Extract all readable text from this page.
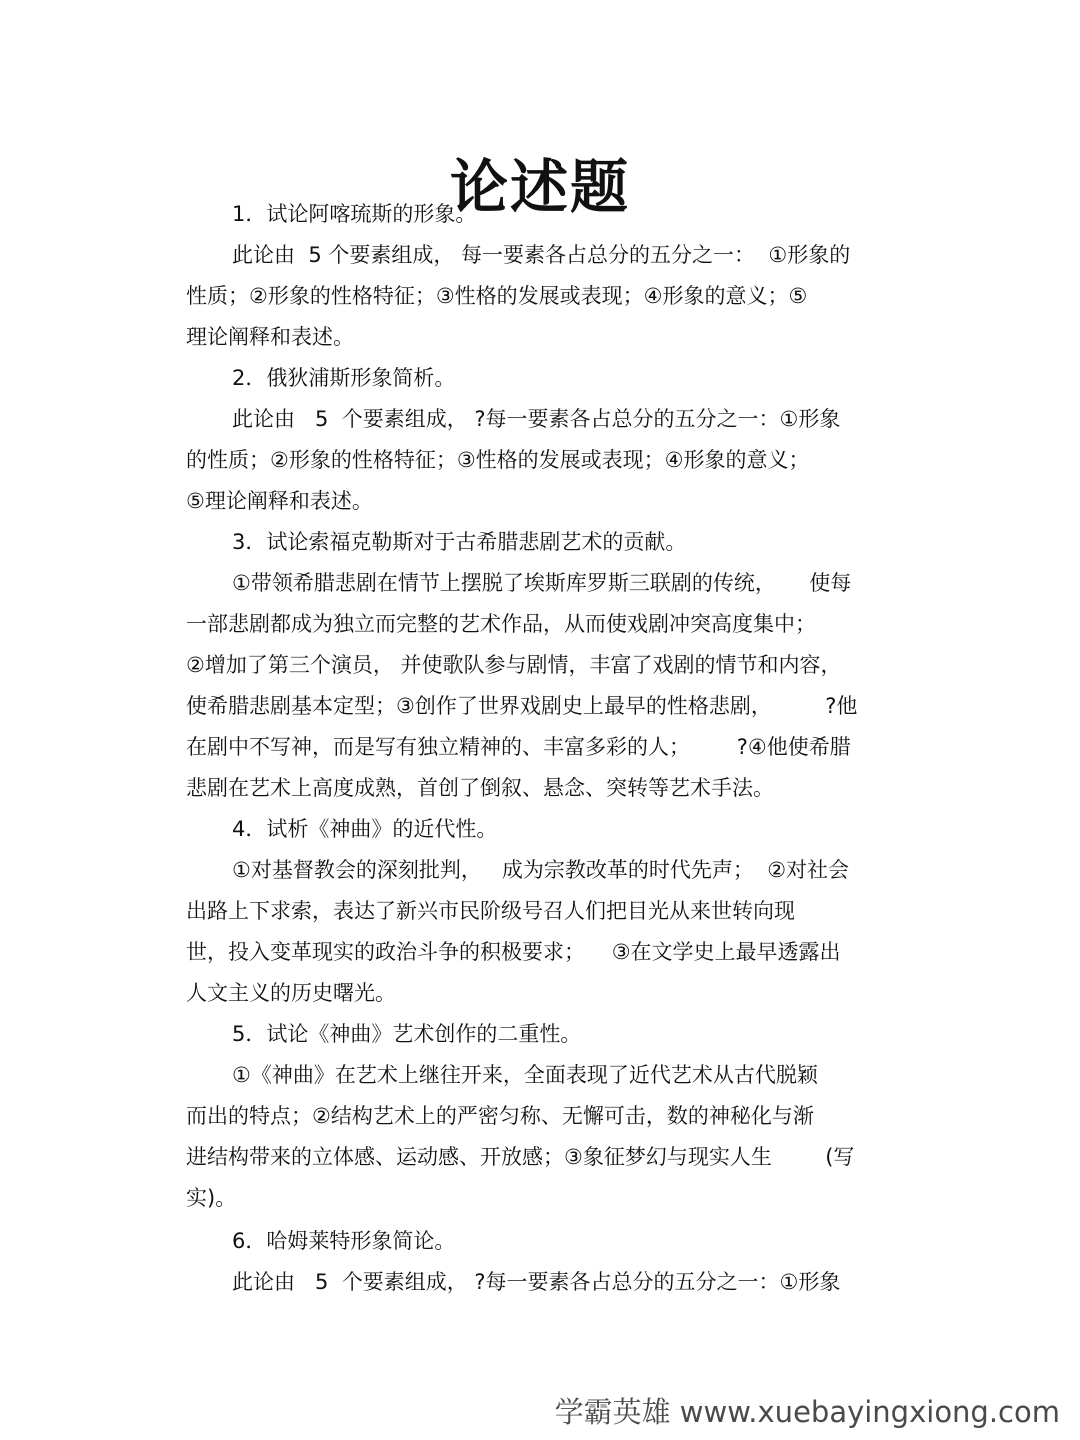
论述题
1．试论阿喀琉斯的形象。
此论由  5 个要素组成， 每一要素各占总分的五分之一：  ①形象的
性质；②形象的性格特征；③性格的发展或表现；④形象的意义；⑤
理论阐释和表述。
2．俄狄浦斯形象简析。
此论由   5  个要素组成， ?每一要素各占总分的五分之一：①形象
的性质；②形象的性格特征；③性格的发展或表现；④形象的意义；
⑤理论阐释和表述。
3．试论索福克勒斯对于古希腊悲剧艺术的贡献。
①带领希腊悲剧在情节上摆脱了埃斯库罗斯三联剧的传统，     使每
一部悲剧都成为独立而完整的艺术作品，从而使戏剧冲突高度集中；
②增加了第三个演员， 并使歌队参与剧情，丰富了戏剧的情节和内容，
使希腊悲剧基本定型；③创作了世界戏剧史上最早的性格悲剧，        ?他
在剧中不写神，而是写有独立精神的、丰富多彩的人；       ?④他使希腊
悲剧在艺术上高度成熟，首创了倒叙、悬念、突转等艺术手法。
4．试析《神曲》的近代性。
①对基督教会的深刻批判，   成为宗教改革的时代先声；  ②对社会
出路上下求索，表达了新兴市民阶级号召人们把目光从来世转向现
世，投入变革现实的政治斗争的积极要求；    ③在文学史上最早透露出
人文主义的历史曙光。
5．试论《神曲》艺术创作的二重性。
①《神曲》在艺术上继往开来，全面表现了近代艺术从古代脱颖
而出的特点；②结构艺术上的严密匀称、无懈可击，数的神秘化与渐
进结构带来的立体感、运动感、开放感；③象征梦幻与现实人生        (写
实)。
6．哈姆莱特形象简论。
此论由   5  个要素组成， ?每一要素各占总分的五分之一：①形象
学霸英雄 www.xuebayingxiong.com
